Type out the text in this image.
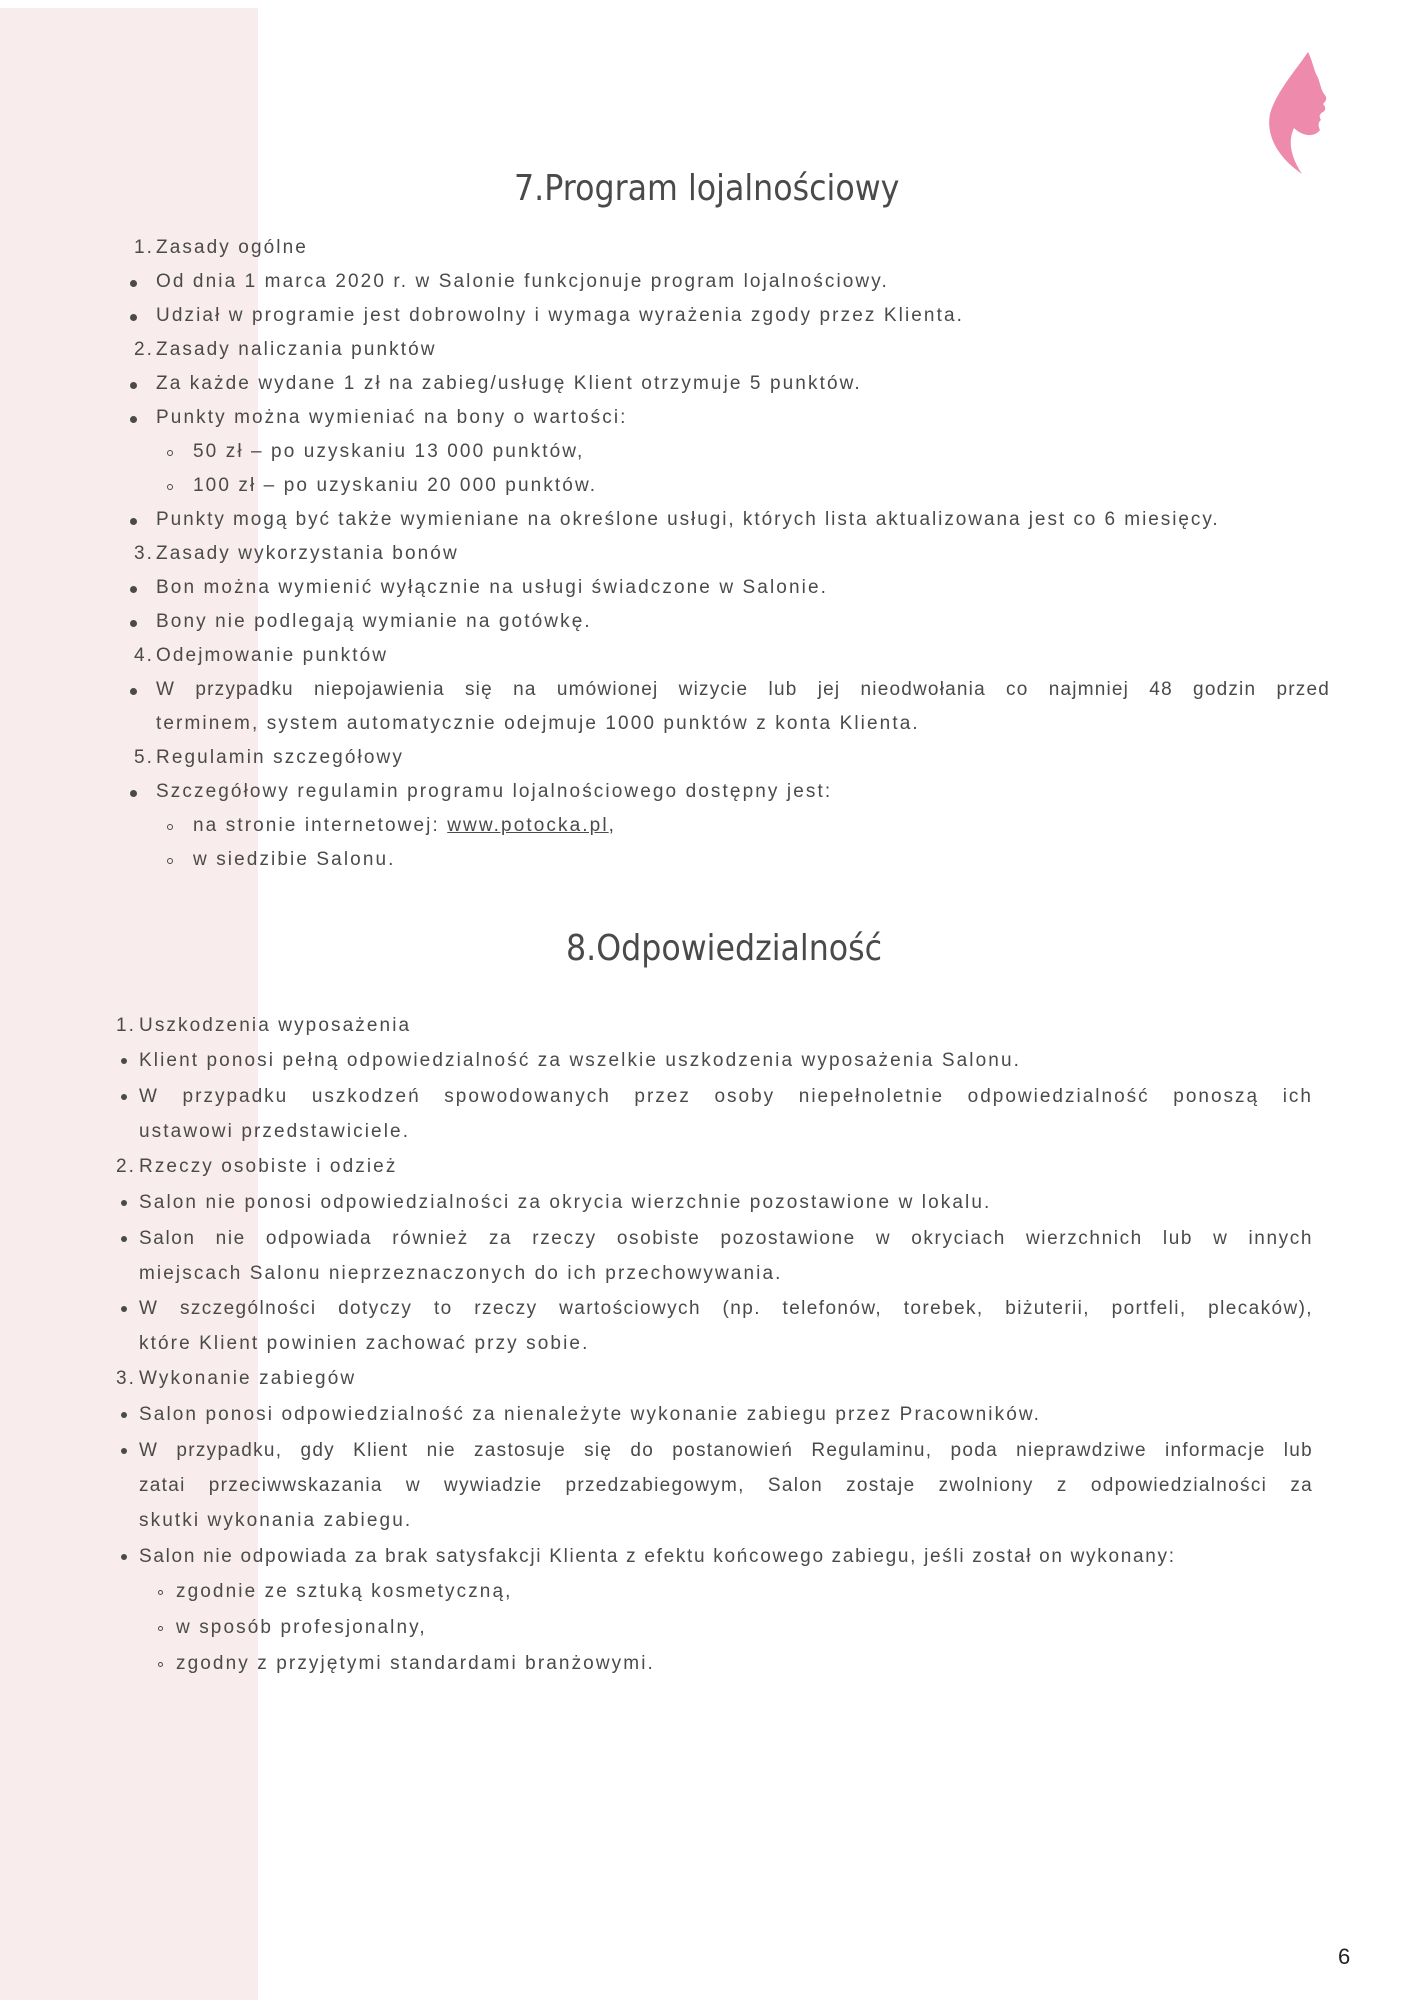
7.Program lojalnościowy
1. Zasady ogólne
Od dnia 1 marca 2020 r. w Salonie funkcjonuje program lojalnościowy.
Udział w programie jest dobrowolny i wymaga wyrażenia zgody przez Klienta.
2. Zasady naliczania punktów
Za każde wydane 1 zł na zabieg/usługę Klient otrzymuje 5 punktów.
Punkty można wymieniać na bony o wartości:
50 zł – po uzyskaniu 13 000 punktów,
100 zł – po uzyskaniu 20 000 punktów.
Punkty mogą być także wymieniane na określone usługi, których lista aktualizowana jest co 6 miesięcy.
3. Zasady wykorzystania bonów
Bon można wymienić wyłącznie na usługi świadczone w Salonie.
Bony nie podlegają wymianie na gotówkę.
4. Odejmowanie punktów
W przypadku niepojawienia się na umówionej wizycie lub jej nieodwołania co najmniej 48 godzin przed
terminem, system automatycznie odejmuje 1000 punktów z konta Klienta.
5. Regulamin szczegółowy
Szczegółowy regulamin programu lojalnościowego dostępny jest:
na stronie internetowej: www.potocka.pl,
w siedzibie Salonu.
8.Odpowiedzialność
1. Uszkodzenia wyposażenia
Klient ponosi pełną odpowiedzialność za wszelkie uszkodzenia wyposażenia Salonu.
W przypadku uszkodzeń spowodowanych przez osoby niepełnoletnie odpowiedzialność ponoszą ich
ustawowi przedstawiciele.
2. Rzeczy osobiste i odzież
Salon nie ponosi odpowiedzialności za okrycia wierzchnie pozostawione w lokalu.
Salon nie odpowiada również za rzeczy osobiste pozostawione w okryciach wierzchnich lub w innych
miejscach Salonu nieprzeznaczonych do ich przechowywania.
W szczególności dotyczy to rzeczy wartościowych (np. telefonów, torebek, biżuterii, portfeli, plecaków),
które Klient powinien zachować przy sobie.
3. Wykonanie zabiegów
Salon ponosi odpowiedzialność za nienależyte wykonanie zabiegu przez Pracowników.
W przypadku, gdy Klient nie zastosuje się do postanowień Regulaminu, poda nieprawdziwe informacje lub
zatai przeciwwskazania w wywiadzie przedzabiegowym, Salon zostaje zwolniony z odpowiedzialności za
skutki wykonania zabiegu.
Salon nie odpowiada za brak satysfakcji Klienta z efektu końcowego zabiegu, jeśli został on wykonany:
zgodnie ze sztuką kosmetyczną,
w sposób profesjonalny,
zgodny z przyjętymi standardami branżowymi.
6
